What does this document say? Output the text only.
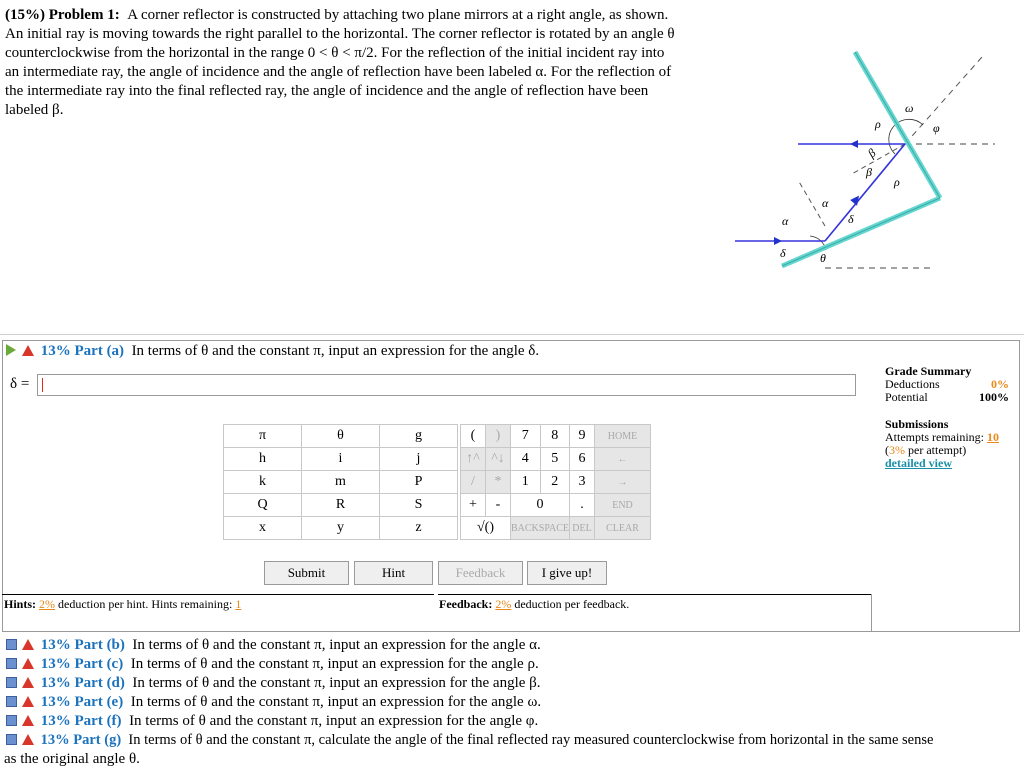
(15%) Problem 1: A corner reflector is constructed by attaching two plane mirrors at a right angle, as shown.
An initial ray is moving towards the right parallel to the horizontal. The corner reflector is rotated by an angle θ
counterclockwise from the horizontal in the range 0 < θ < π/2. For the reflection of the initial incident ray into
an intermediate ray, the angle of incidence and the angle of reflection have been labeled α. For the reflection of
the intermediate ray into the final reflected ray, the angle of incidence and the angle of reflection have been
labeled β.	ω
φ
ρ
β
β
ρ
α
α
δ
δ	θ
13% Part (a) In terms of θ and the constant π, input an expression for the angle δ.
δ =
π	θ	g
h	i	j
k	m	P
Q	R	S
x	y	z
(	)	7	8	9	HOME
↑^	^↓	4	5	6	←
/	*	1	2	3	→
+	-	0		.	END
√()		BACKSPACE		DEL	CLEAR
Submit	Hint	Feedback	I give up!
Hints: 2% deduction per hint. Hints remaining: 1	Feedback: 2% deduction per feedback.
Grade Summary
Deductions	0%
Potential	100%
Submissions
Attempts remaining: 10
(3% per attempt)
detailed view
13% Part (b) In terms of θ and the constant π, input an expression for the angle α.
13% Part (c) In terms of θ and the constant π, input an expression for the angle ρ.
13% Part (d) In terms of θ and the constant π, input an expression for the angle β.
13% Part (e) In terms of θ and the constant π, input an expression for the angle ω.
13% Part (f) In terms of θ and the constant π, input an expression for the angle φ.
13% Part (g) In terms of θ and the constant π, calculate the angle of the final reflected ray measured counterclockwise from horizontal in the same sense
as the original angle θ.
